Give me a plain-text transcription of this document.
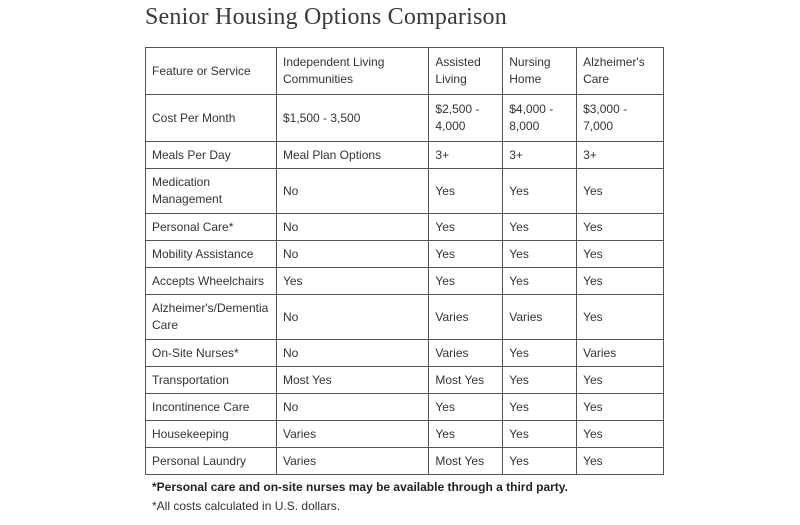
Senior Housing Options Comparison
Feature or Service	Independent Living Communities	Assisted Living	Nursing Home	Alzheimer's Care
Cost Per Month	$1,500 - 3,500	$2,500 - 4,000	$4,000 - 8,000	$3,000 - 7,000
Meals Per Day	Meal Plan Options	3+	3+	3+
Medication Management	No	Yes	Yes	Yes
Personal Care*	No	Yes	Yes	Yes
Mobility Assistance	No	Yes	Yes	Yes
Accepts Wheelchairs	Yes	Yes	Yes	Yes
Alzheimer's/Dementia Care	No	Varies	Varies	Yes
On-Site Nurses*	No	Varies	Yes	Varies
Transportation	Most Yes	Most Yes	Yes	Yes
Incontinence Care	No	Yes	Yes	Yes
Housekeeping	Varies	Yes	Yes	Yes
Personal Laundry	Varies	Most Yes	Yes	Yes
*Personal care and on-site nurses may be available through a third party.
*All costs calculated in U.S. dollars.
